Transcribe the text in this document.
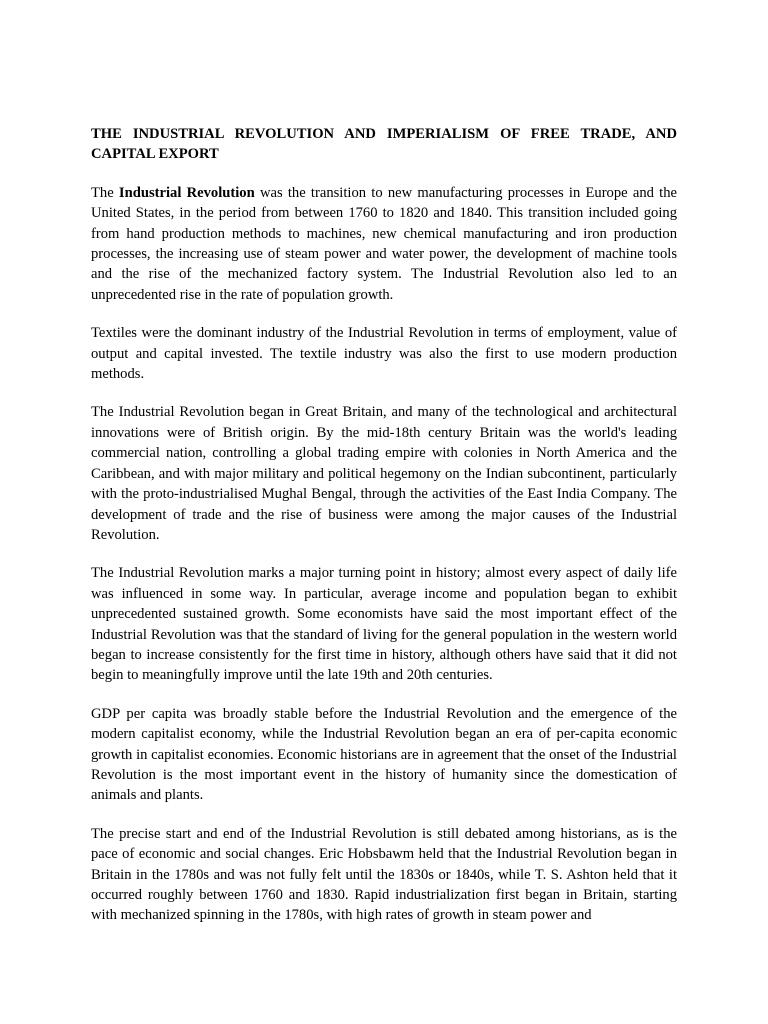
THE INDUSTRIAL REVOLUTION AND IMPERIALISM OF FREE TRADE, AND CAPITAL EXPORT

The Industrial Revolution was the transition to new manufacturing processes in Europe and the United States, in the period from between 1760 to 1820 and 1840. This transition included going from hand production methods to machines, new chemical manufacturing and iron production processes, the increasing use of steam power and water power, the development of machine tools and the rise of the mechanized factory system. The Industrial Revolution also led to an unprecedented rise in the rate of population growth.

Textiles were the dominant industry of the Industrial Revolution in terms of employment, value of output and capital invested. The textile industry was also the first to use modern production methods.

The Industrial Revolution began in Great Britain, and many of the technological and architectural innovations were of British origin. By the mid-18th century Britain was the world's leading commercial nation, controlling a global trading empire with colonies in North America and the Caribbean, and with major military and political hegemony on the Indian subcontinent, particularly with the proto-industrialised Mughal Bengal, through the activities of the East India Company. The development of trade and the rise of business were among the major causes of the Industrial Revolution.

The Industrial Revolution marks a major turning point in history; almost every aspect of daily life was influenced in some way. In particular, average income and population began to exhibit unprecedented sustained growth. Some economists have said the most important effect of the Industrial Revolution was that the standard of living for the general population in the western world began to increase consistently for the first time in history, although others have said that it did not begin to meaningfully improve until the late 19th and 20th centuries.

GDP per capita was broadly stable before the Industrial Revolution and the emergence of the modern capitalist economy, while the Industrial Revolution began an era of per-capita economic growth in capitalist economies. Economic historians are in agreement that the onset of the Industrial Revolution is the most important event in the history of humanity since the domestication of animals and plants.

The precise start and end of the Industrial Revolution is still debated among historians, as is the pace of economic and social changes. Eric Hobsbawm held that the Industrial Revolution began in Britain in the 1780s and was not fully felt until the 1830s or 1840s, while T. S. Ashton held that it occurred roughly between 1760 and 1830. Rapid industrialization first began in Britain, starting with mechanized spinning in the 1780s, with high rates of growth in steam power and
